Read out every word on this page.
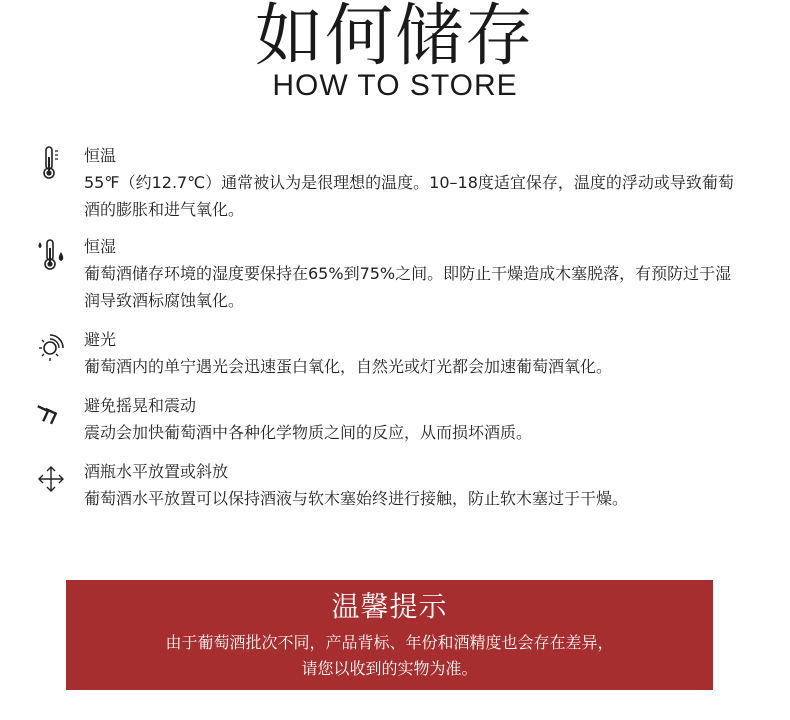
如何储存
HOW TO STORE
恒温
55℉（约12.7℃）通常被认为是很理想的温度。10–18度适宜保存，温度的浮动或导致葡萄酒的膨胀和进气氧化。
恒湿
葡萄酒储存环境的湿度要保持在65%到75%之间。即防止干燥造成木塞脱落，有预防过于湿润导致酒标腐蚀氧化。
避光
葡萄酒内的单宁遇光会迅速蛋白氧化，自然光或灯光都会加速葡萄酒氧化。
避免摇晃和震动
震动会加快葡萄酒中各种化学物质之间的反应，从而损坏酒质。
酒瓶水平放置或斜放
葡萄酒水平放置可以保持酒液与软木塞始终进行接触，防止软木塞过于干燥。
温馨提示
由于葡萄酒批次不同，产品背标、年份和酒精度也会存在差异，
请您以收到的实物为准。
